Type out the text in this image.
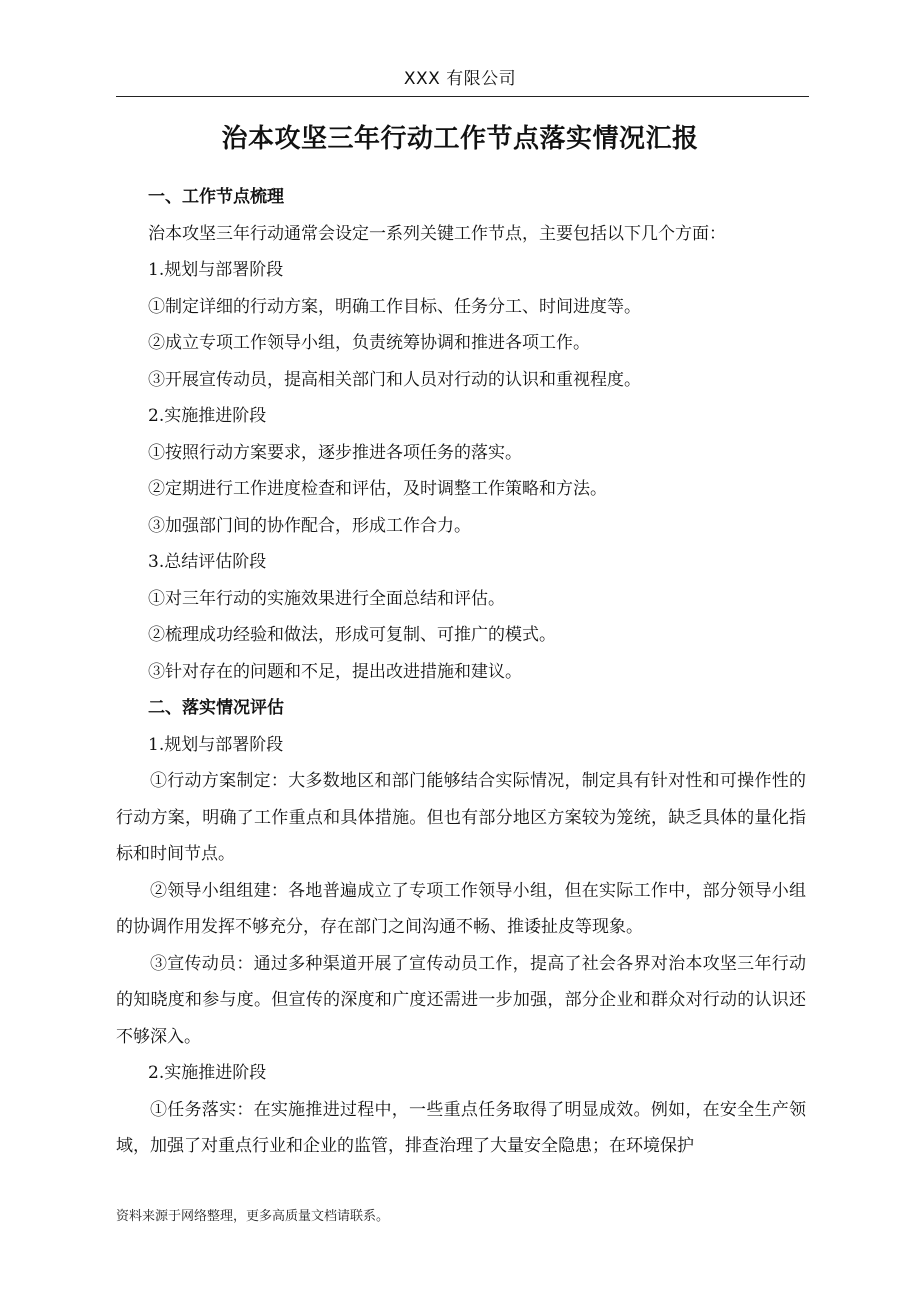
XXX 有限公司
治本攻坚三年行动工作节点落实情况汇报
一、工作节点梳理
治本攻坚三年行动通常会设定一系列关键工作节点，主要包括以下几个方面：
1.规划与部署阶段
①制定详细的行动方案，明确工作目标、任务分工、时间进度等。
②成立专项工作领导小组，负责统筹协调和推进各项工作。
③开展宣传动员，提高相关部门和人员对行动的认识和重视程度。
2.实施推进阶段
①按照行动方案要求，逐步推进各项任务的落实。
②定期进行工作进度检查和评估，及时调整工作策略和方法。
③加强部门间的协作配合，形成工作合力。
3.总结评估阶段
①对三年行动的实施效果进行全面总结和评估。
②梳理成功经验和做法，形成可复制、可推广的模式。
③针对存在的问题和不足，提出改进措施和建议。
二、落实情况评估
1.规划与部署阶段
①行动方案制定：大多数地区和部门能够结合实际情况，制定具有针对性和可操作性的行动方案，明确了工作重点和具体措施。但也有部分地区方案较为笼统，缺乏具体的量化指标和时间节点。
②领导小组组建：各地普遍成立了专项工作领导小组，但在实际工作中，部分领导小组的协调作用发挥不够充分，存在部门之间沟通不畅、推诿扯皮等现象。
③宣传动员：通过多种渠道开展了宣传动员工作，提高了社会各界对治本攻坚三年行动的知晓度和参与度。但宣传的深度和广度还需进一步加强，部分企业和群众对行动的认识还不够深入。
2.实施推进阶段
①任务落实：在实施推进过程中，一些重点任务取得了明显成效。例如，在安全生产领域，加强了对重点行业和企业的监管，排查治理了大量安全隐患；在环境保护
资料来源于网络整理，更多高质量文档请联系。
